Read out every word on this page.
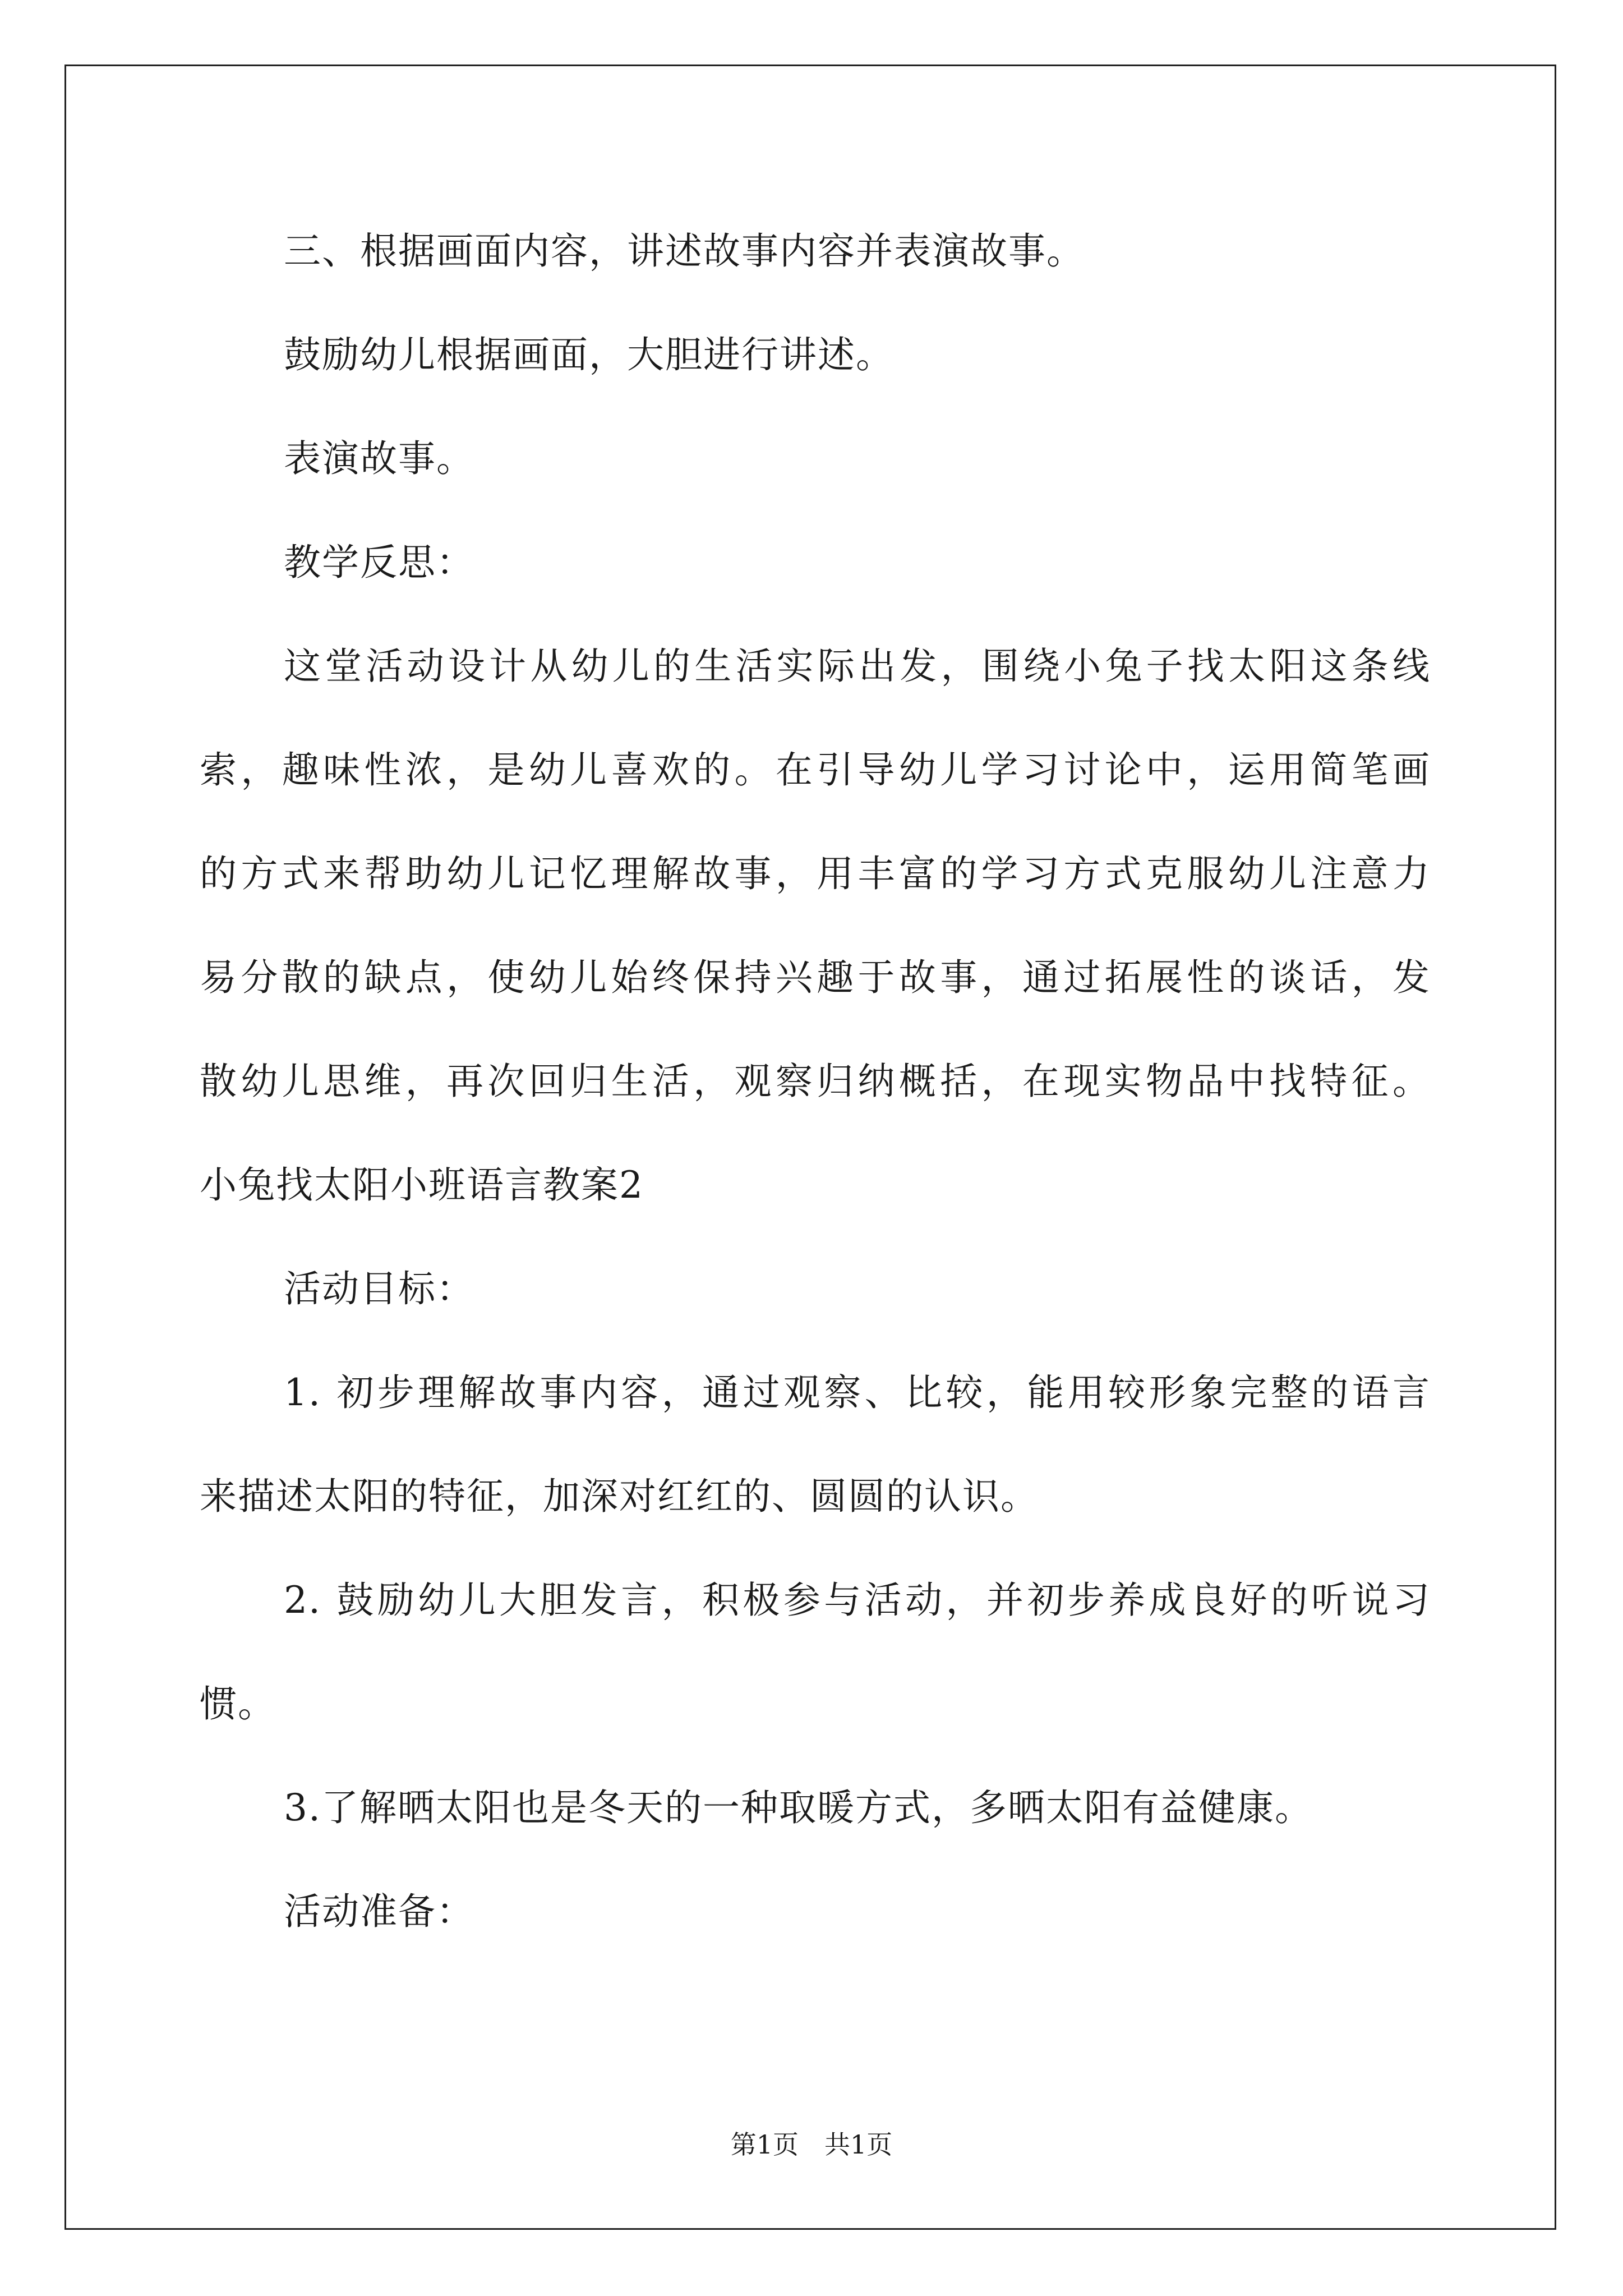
三、根据画面内容，讲述故事内容并表演故事。
鼓励幼儿根据画面，大胆进行讲述。
表演故事。
教学反思：
这堂活动设计从幼儿的生活实际出发，围绕小兔子找太阳这条线
索，趣味性浓，是幼儿喜欢的。在引导幼儿学习讨论中，运用简笔画
的方式来帮助幼儿记忆理解故事，用丰富的学习方式克服幼儿注意力
易分散的缺点，使幼儿始终保持兴趣于故事，通过拓展性的谈话，发
散幼儿思维，再次回归生活，观察归纳概括，在现实物品中找特征。
小兔找太阳小班语言教案2
活动目标：
1. 初步理解故事内容，通过观察、比较，能用较形象完整的语言
来描述太阳的特征，加深对红红的、圆圆的认识。
2. 鼓励幼儿大胆发言，积极参与活动，并初步养成良好的听说习
惯。
3.了解晒太阳也是冬天的一种取暖方式，多晒太阳有益健康。
活动准备：
第1页　共1页
